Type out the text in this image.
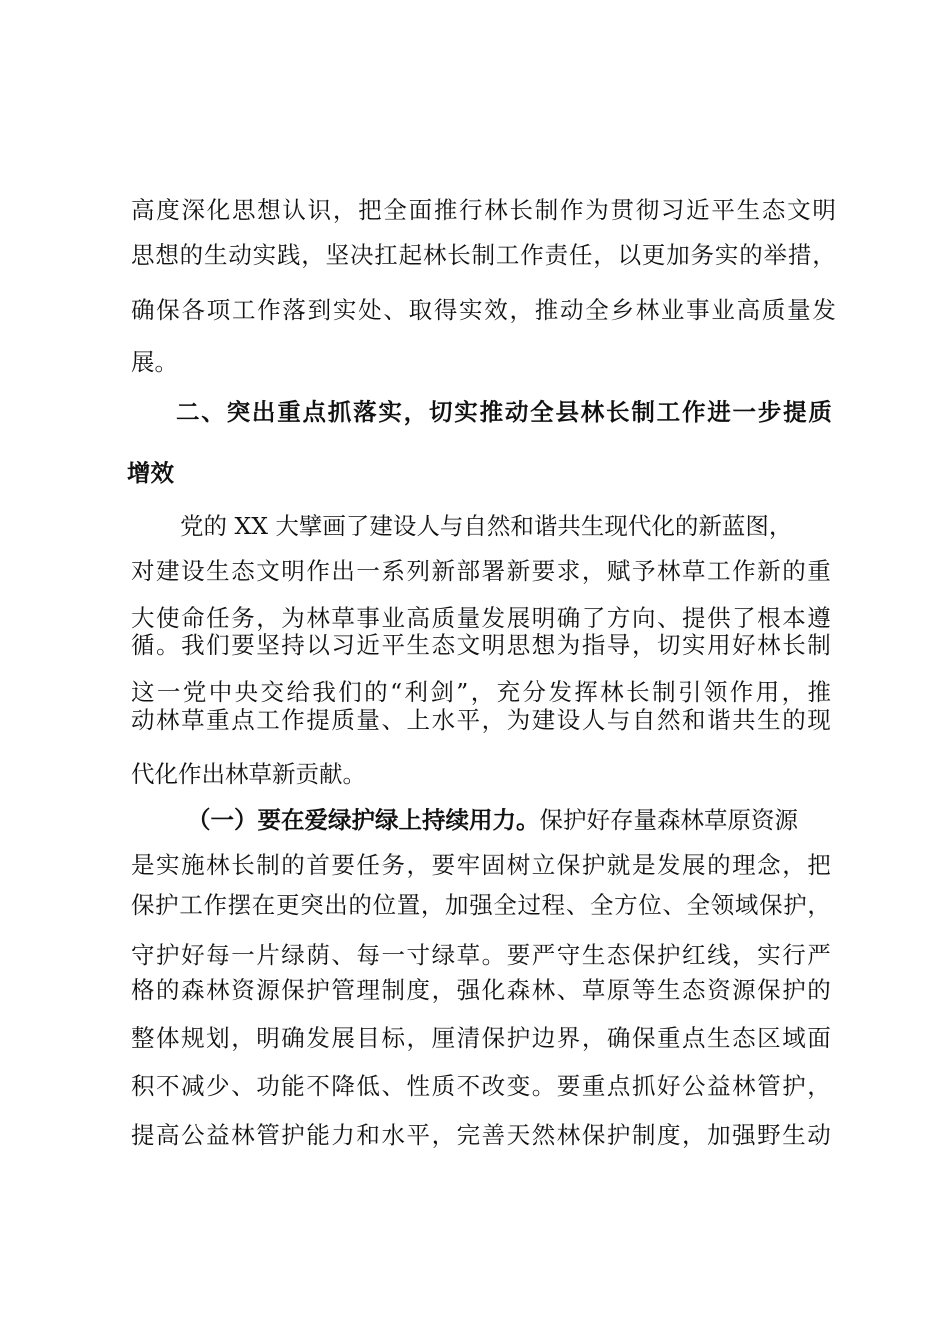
高 度 深 化 思 想 认 识 ， 把 全 面 推 行 林 长 制 作 为 贯 彻 习 近 平 生 态 文 明
思 想 的 生 动 实 践 ， 坚 决 扛 起 林 长 制 工 作 责 任 ， 以 更 加 务 实 的 举 措 ，
确 保 各 项 工 作 落 到 实 处 、 取 得 实 效 ， 推 动 全 乡 林 业 事 业 高 质 量 发
展。
二 、 突 出 重 点 抓 落 实 ， 切 实 推 动 全 县 林 长 制 工 作 进 一 步 提 质
增效
党的 XX 大擘画了建设人与自然和谐共生现代化的新蓝图，
对 建 设 生 态 文 明 作 出 一 系 列 新 部 署 新 要 求 ， 赋 予 林 草 工 作 新 的 重
大 使 命 任 务 ， 为 林 草 事 业 高 质 量 发 展 明 确 了 方 向 、 提 供 了 根 本 遵
循 。 我 们 要 坚 持 以 习 近 平 生 态 文 明 思 想 为 指 导 ， 切 实 用 好 林 长 制
这 一 党 中 央 交 给 我 们 的 “ 利 剑 ” ， 充 分 发 挥 林 长 制 引 领 作 用 ， 推
动 林 草 重 点 工 作 提 质 量 、 上 水 平 ， 为 建 设 人 与 自 然 和 谐 共 生 的 现
代化作出林草新贡献。
（一）要在爱绿护绿上持续用力。保护好存量森林草原资源
是 实 施 林 长 制 的 首 要 任 务 ， 要 牢 固 树 立 保 护 就 是 发 展 的 理 念 ， 把
保 护 工 作 摆 在 更 突 出 的 位 置 ， 加 强 全 过 程 、 全 方 位 、 全 领 域 保 护 ，
守 护 好 每 一 片 绿 荫 、 每 一 寸 绿 草 。 要 严 守 生 态 保 护 红 线 ， 实 行 严
格 的 森 林 资 源 保 护 管 理 制 度 ， 强 化 森 林 、 草 原 等 生 态 资 源 保 护 的
整 体 规 划 ， 明 确 发 展 目 标 ， 厘 清 保 护 边 界 ， 确 保 重 点 生 态 区 域 面
积 不 减 少 、 功 能 不 降 低 、 性 质 不 改 变 。 要 重 点 抓 好 公 益 林 管 护 ，
提 高 公 益 林 管 护 能 力 和 水 平 ， 完 善 天 然 林 保 护 制 度 ， 加 强 野 生 动
